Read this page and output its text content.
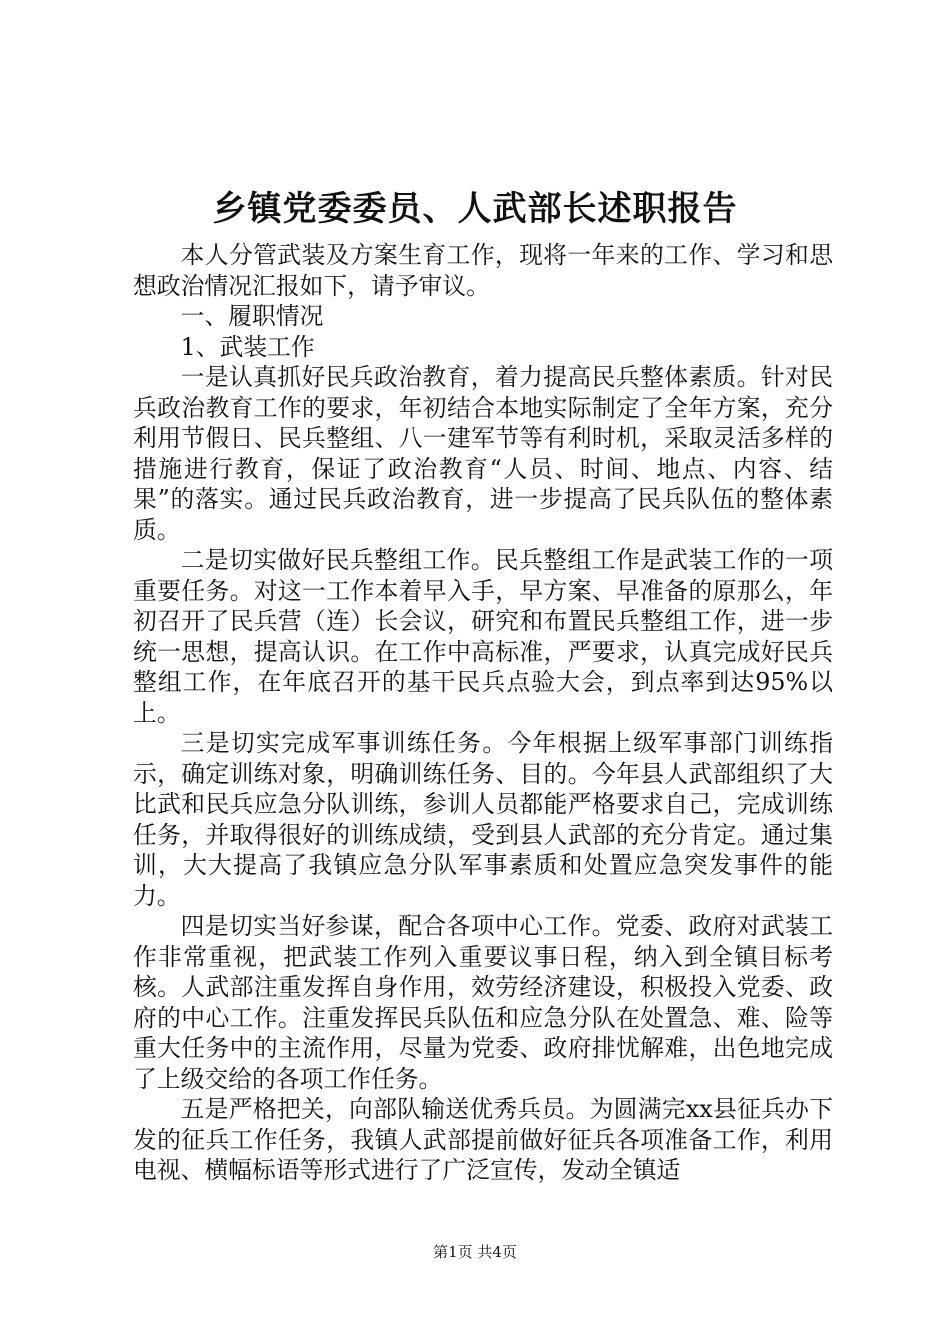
乡镇党委委员、人武部长述职报告

本人分管武装及方案生育工作，现将一年来的工作、学习和思想政治情况汇报如下，请予审议。

一、履职情况

1、武装工作

一是认真抓好民兵政治教育，着力提高民兵整体素质。针对民兵政治教育工作的要求，年初结合本地实际制定了全年方案，充分利用节假日、民兵整组、八一建军节等有利时机，采取灵活多样的措施进行教育，保证了政治教育“人员、时间、地点、内容、结果”的落实。通过民兵政治教育，进一步提高了民兵队伍的整体素质。

二是切实做好民兵整组工作。民兵整组工作是武装工作的一项重要任务。对这一工作本着早入手，早方案、早准备的原那么，年初召开了民兵营（连）长会议，研究和布置民兵整组工作，进一步统一思想，提高认识。在工作中高标准，严要求，认真完成好民兵整组工作，在年底召开的基干民兵点验大会，到点率到达95%以上。

三是切实完成军事训练任务。今年根据上级军事部门训练指示，确定训练对象，明确训练任务、目的。今年县人武部组织了大比武和民兵应急分队训练，参训人员都能严格要求自己，完成训练任务，并取得很好的训练成绩，受到县人武部的充分肯定。通过集训，大大提高了我镇应急分队军事素质和处置应急突发事件的能力。

四是切实当好参谋，配合各项中心工作。党委、政府对武装工作非常重视，把武装工作列入重要议事日程，纳入到全镇目标考核。人武部注重发挥自身作用，效劳经济建设，积极投入党委、政府的中心工作。注重发挥民兵队伍和应急分队在处置急、难、险等重大任务中的主流作用，尽量为党委、政府排忧解难，出色地完成了上级交给的各项工作任务。

五是严格把关，向部队输送优秀兵员。为圆满完xx县征兵办下发的征兵工作任务，我镇人武部提前做好征兵各项准备工作，利用电视、横幅标语等形式进行了广泛宣传，发动全镇适

第1页 共4页
